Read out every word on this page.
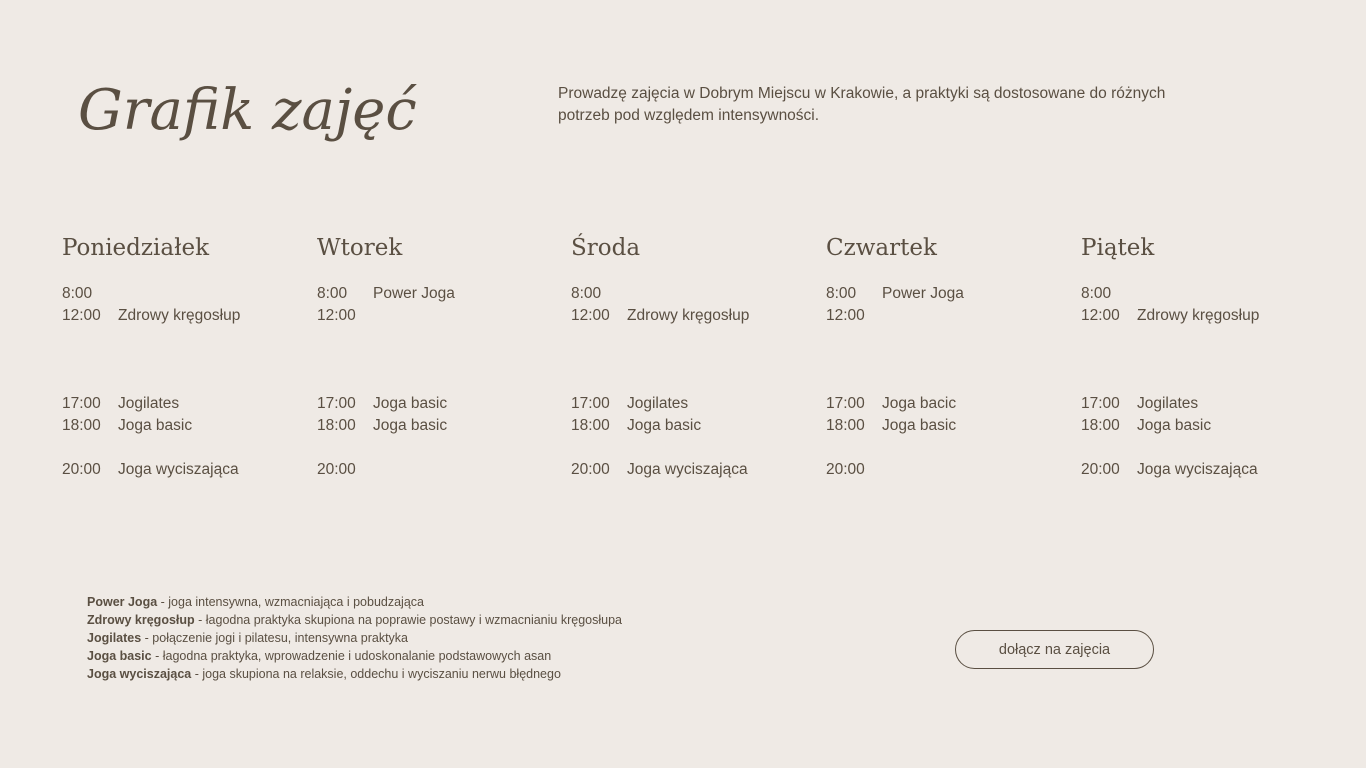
Grafik zajęć	Prowadzę zajęcia w Dobrym Miejscu w Krakowie, a praktyki są dostosowane do różnych potrzeb pod względem intensywności.

Poniedziałek
8:00
12:00	Zdrowy kręgosłup
17:00	Jogilates
18:00	Joga basic
20:00	Joga wyciszająca
Wtorek
8:00	Power Joga
12:00
17:00	Joga basic
18:00	Joga basic
20:00
Środa
8:00
12:00	Zdrowy kręgosłup
17:00	Jogilates
18:00	Joga basic
20:00	Joga wyciszająca
Czwartek
8:00	Power Joga
12:00
17:00	Joga bacic
18:00	Joga basic
20:00
Piątek
8:00
12:00	Zdrowy kręgosłup
17:00	Jogilates
18:00	Joga basic
20:00	Joga wyciszająca
Power Joga - joga intensywna, wzmacniająca i pobudzająca
Zdrowy kręgosłup - łagodna praktyka skupiona na poprawie postawy i wzmacnianiu kręgosłupa
Jogilates - połączenie jogi i pilatesu, intensywna praktyka
Joga basic - łagodna praktyka, wprowadzenie i udoskonalanie podstawowych asan
Joga wyciszająca - joga skupiona na relaksie, oddechu i wyciszaniu nerwu błędnego
dołącz na zajęcia
